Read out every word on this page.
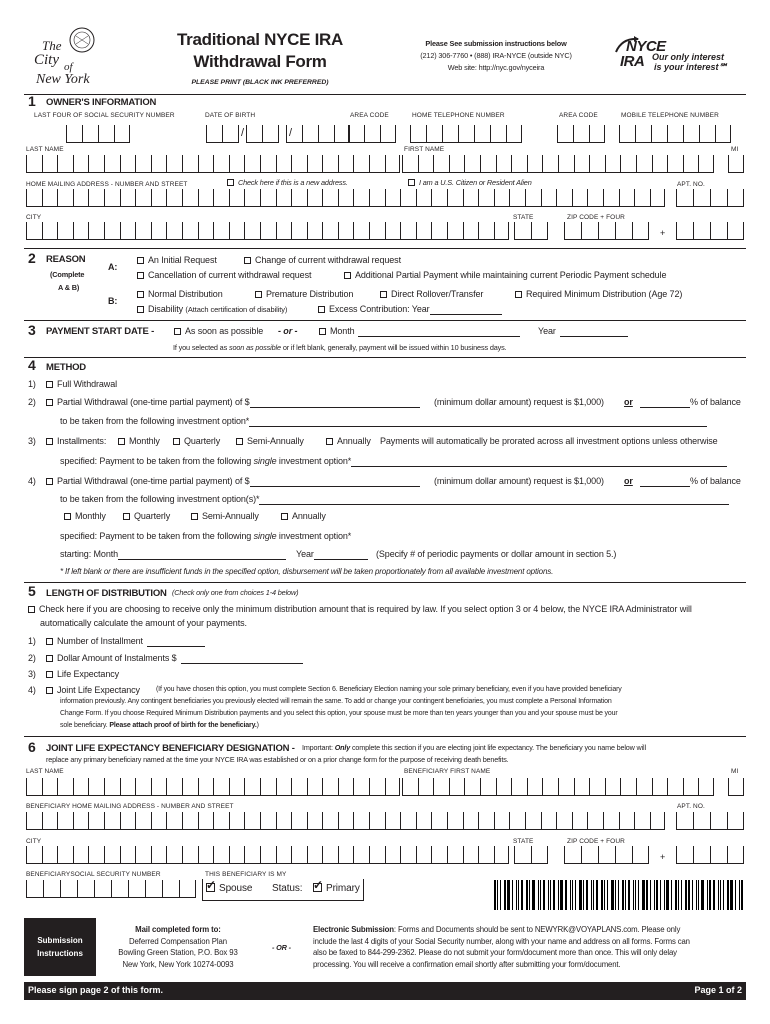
The
City of
New York
Traditional NYCE IRA
Withdrawal Form
PLEASE PRINT (BLACK INK PREFERRED)
Please See submission instructions below
(212) 306-7760 • (888) IRA-NYCE (outside NYC)
Web site: http://nyc.gov/nyceira
NYCE
IRA Our only interest
is your interest℠
1 OWNER'S INFORMATION
LAST FOUR OF SOCIAL SECURITY NUMBER	DATE OF BIRTH	AREA CODE	HOME TELEPHONE NUMBER	AREA CODE	MOBILE TELEPHONE NUMBER
/	/
LAST NAME	FIRST NAME	MI
HOME MAILING ADDRESS - NUMBER AND STREET	Check here if this is a new address.	I am a U.S. Citizen or Resident Alien	APT. NO.
CITY	STATE	ZIP CODE + FOUR
+
2 REASON
(Complete
A & B)
A:
B:
An Initial Request	Change of current withdrawal request
Cancellation of current withdrawal request	Additional Partial Payment while maintaining current Periodic Payment schedule
Normal Distribution	Premature Distribution	Direct Rollover/Transfer	Required Minimum Distribution (Age 72)
Disability (Attach certification of disability)	Excess Contribution: Year
3 PAYMENT START DATE -	As soon as possible - or -	Month	Year
If you selected as soon as possible or if left blank, generally, payment will be issued within 10 business days.
4 METHOD
1)	Full Withdrawal
2)	Partial Withdrawal (one-time partial payment) of $	(minimum dollar amount) request is $1,000) or	% of balance
to be taken from the following investment option*
3)	Installments:	Monthly	Quarterly	Semi-Annually	Annually Payments will automatically be prorated across all investment options unless otherwise
specified: Payment to be taken from the following single investment option*
4)	Partial Withdrawal (one-time partial payment) of $	(minimum dollar amount) request is $1,000) or	% of balance
to be taken from the following investment option(s)*
Monthly	Quarterly	Semi-Annually	Annually
specified: Payment to be taken from the following single investment option*
starting: Month	Year	(Specify # of periodic payments or dollar amount in section 5.)
* If left blank or there are insufficient funds in the specified option, disbursement will be taken proportionately from all available investment options.
5 LENGTH OF DISTRIBUTION (Check only one from choices 1-4 below)
Check here if you are choosing to receive only the minimum distribution amount that is required by law. If you select option 3 or 4 below, the NYCE IRA Administrator will
automatically calculate the amount of your payments.
1)	Number of Installment
2)	Dollar Amount of Instalments $
3)	Life Expectancy
4)	Joint Life Expectancy (If you have chosen this option, you must complete Section 6. Beneficiary Election naming your sole primary beneficiary, even if you have provided beneficiary
information previously. Any contingent beneficiaries you previously elected will remain the same. To add or change your contingent beneficiaries, you must complete a Personal Information
Change Form. If you choose Required Minimum Distribution payments and you select this option, your spouse must be more than ten years younger than you and your spouse must be your
sole beneficiary. Please attach proof of birth for the beneficiary.)
6 JOINT LIFE EXPECTANCY BENEFICIARY DESIGNATION - Important: Only complete this section if you are electing joint life expectancy. The beneficiary you name below will
replace any primary beneficiary named at the time your NYCE IRA was established or on a prior change form for the purpose of receiving death benefits.
LAST NAME	BENEFICIARY FIRST NAME	MI
BENEFICIARY HOME MAILING ADDRESS - NUMBER AND STREET	APT. NO.
CITY	STATE	ZIP CODE + FOUR
+
BENEFICIARYSOCIAL SECURITY NUMBER	THIS BENEFICIARY IS MY
✓ Spouse Status: ✓ Primary
Submission
Instructions
Mail completed form to:
Deferred Compensation Plan
Bowling Green Station, P.O. Box 93
New York, New York 10274-0093
- OR -
Electronic Submission: Forms and Documents should be sent to NEWYRK@VOYAPLANS.com. Please only
include the last 4 digits of your Social Security number, along with your name and address on all forms. Forms can
also be faxed to 844-299-2362. Please do not submit your form/document more than once. This will only delay
processing. You will receive a confirmation email shortly after submitting your form/document.
Please sign page 2 of this form.	Page 1 of 2
